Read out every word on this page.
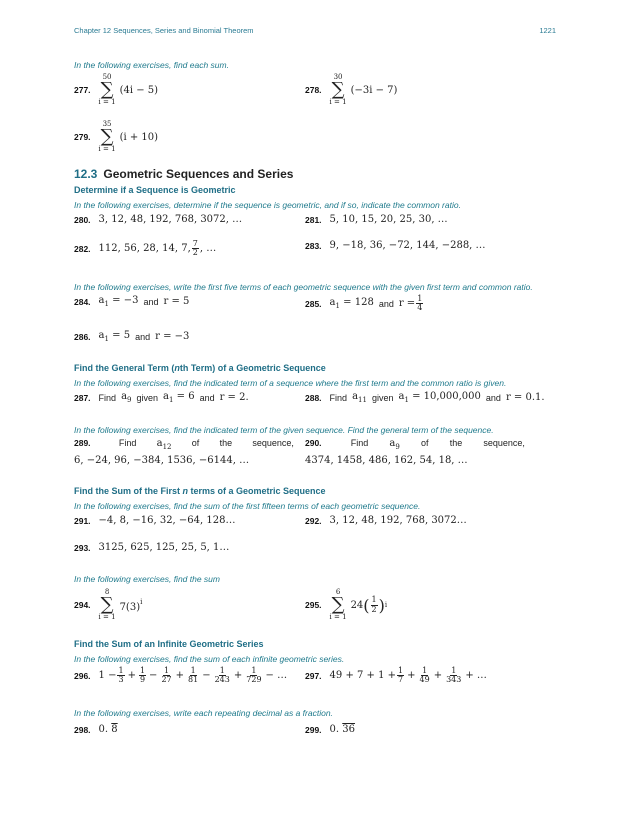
Chapter 12 Sequences, Series and Binomial Theorem	1221
In the following exercises, find each sum.
277.
50
∑
i = 1
(4i − 5)	278.
30
∑
i = 1
(−3i − 7)
279.
35
∑
i = 1
(i + 10)
12.3 Geometric Sequences and Series
Determine if a Sequence is Geometric
In the following exercises, determine if the sequence is geometric, and if so, indicate the common ratio.
280. 3, 12, 48, 192, 768, 3072, …	281. 5, 10, 15, 20, 25, 30, …
282. 112, 56, 28, 14, 7, $\frac{7}{2}$ , …	283. 9, −18, 36, −72, 144, −288, …
In the following exercises, write the first five terms of each geometric sequence with the given first term and common ratio.
284. $a_1 = -3$ and r = 5	285. $a_1 = 128$ and $r = \frac{1}{4}$
286. $a_1 = 5$ and r = −3
Find the General Term (nth Term) of a Geometric Sequence
In the following exercises, find the indicated term of a sequence where the first term and the common ratio is given.
287. Find $a_9$ given $a_1 = 6$ and r = 2.	288. Find $a_{11}$ given $a_1 = 10,000,000$ and r = 0.1.
In the following exercises, find the indicated term of the given sequence. Find the general term of the sequence.
289.	Find $a_{12}$ of the sequence,
6, −24, 96, −384, 1536, −6144, …
290.	Find $a_9$ of the sequence,
4374, 1458, 486, 162, 54, 18, …
Find the Sum of the First n terms of a Geometric Sequence
In the following exercises, find the sum of the first fifteen terms of each geometric sequence.
291. −4, 8, −16, 32, −64, 128…	292. 3, 12, 48, 192, 768, 3072…
293. 3125, 625, 125, 25, 5, 1…
In the following exercises, find the sum
294.
8
∑
i = 1
$7(3)^i$	295.
6
∑
i = 1
24 ( $\frac{1}{2}$ ) i
Find the Sum of an Infinite Geometric Series
In the following exercises, find the sum of each infinite geometric series.
296. $1 - \frac{1}{3} + \frac{1}{9} - \frac{1}{27} + \frac{1}{81} - \frac{1}{243} + \frac{1}{729}$ − … 297. $49 + 7 + 1 + \frac{1}{7} + \frac{1}{49} + \frac{1}{343}$ + …
In the following exercises, write each repeating decimal as a fraction.
298. 0. 8	299. 0. 36
